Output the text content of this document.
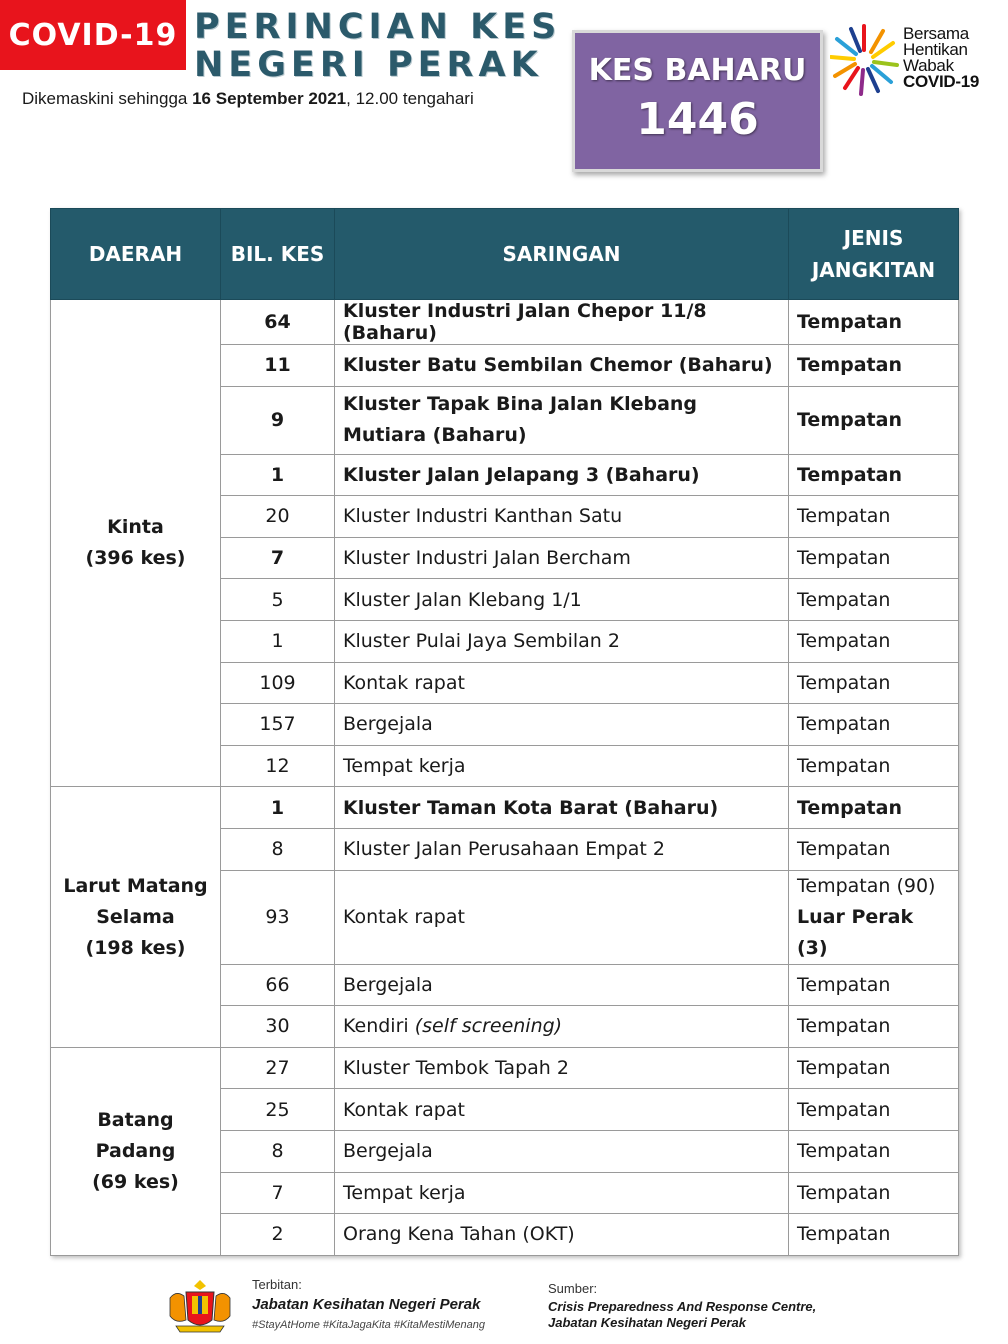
COVID-19 PERINCIAN KES
NEGERI PERAK
Dikemaskini sehingga 16 September 2021, 12.00 tengahari
KES BAHARU
1446
Bersama
Hentikan
Wabak
COVID-19
DAERAH	BIL. KES	SARINGAN	JENIS
JANGKITAN

Kinta
(396 kes)	64	Kluster Industri Jalan Chepor 11/8 (Baharu)	Tempatan
	11	Kluster Batu Sembilan Chemor (Baharu)	Tempatan
	9	Kluster Tapak Bina Jalan Klebang Mutiara (Baharu)	Tempatan
	1	Kluster Jalan Jelapang 3 (Baharu)	Tempatan
	20	Kluster Industri Kanthan Satu	Tempatan
	7	Kluster Industri Jalan Bercham	Tempatan
	5	Kluster Jalan Klebang 1/1	Tempatan
	1	Kluster Pulai Jaya Sembilan 2	Tempatan
	109	Kontak rapat	Tempatan
	157	Bergejala	Tempatan
	12	Tempat kerja	Tempatan

Larut Matang
Selama
(198 kes)	1	Kluster Taman Kota Barat (Baharu)	Tempatan
	8	Kluster Jalan Perusahaan Empat 2	Tempatan
	93	Kontak rapat	Tempatan (90)
Luar Perak (3)

	66	Bergejala	Tempatan
	30	Kendiri (self screening)	Tempatan

Batang Padang
(69 kes)	27	Kluster Tembok Tapah 2	Tempatan
	25	Kontak rapat	Tempatan
	8	Bergejala	Tempatan
	7	Tempat kerja	Tempatan
	2	Orang Kena Tahan (OKT)	Tempatan
Terbitan:
Jabatan Kesihatan Negeri Perak
#StayAtHome #KitaJagaKita #KitaMestiMenang
Sumber:
Crisis Preparedness And Response Centre,
Jabatan Kesihatan Negeri Perak
